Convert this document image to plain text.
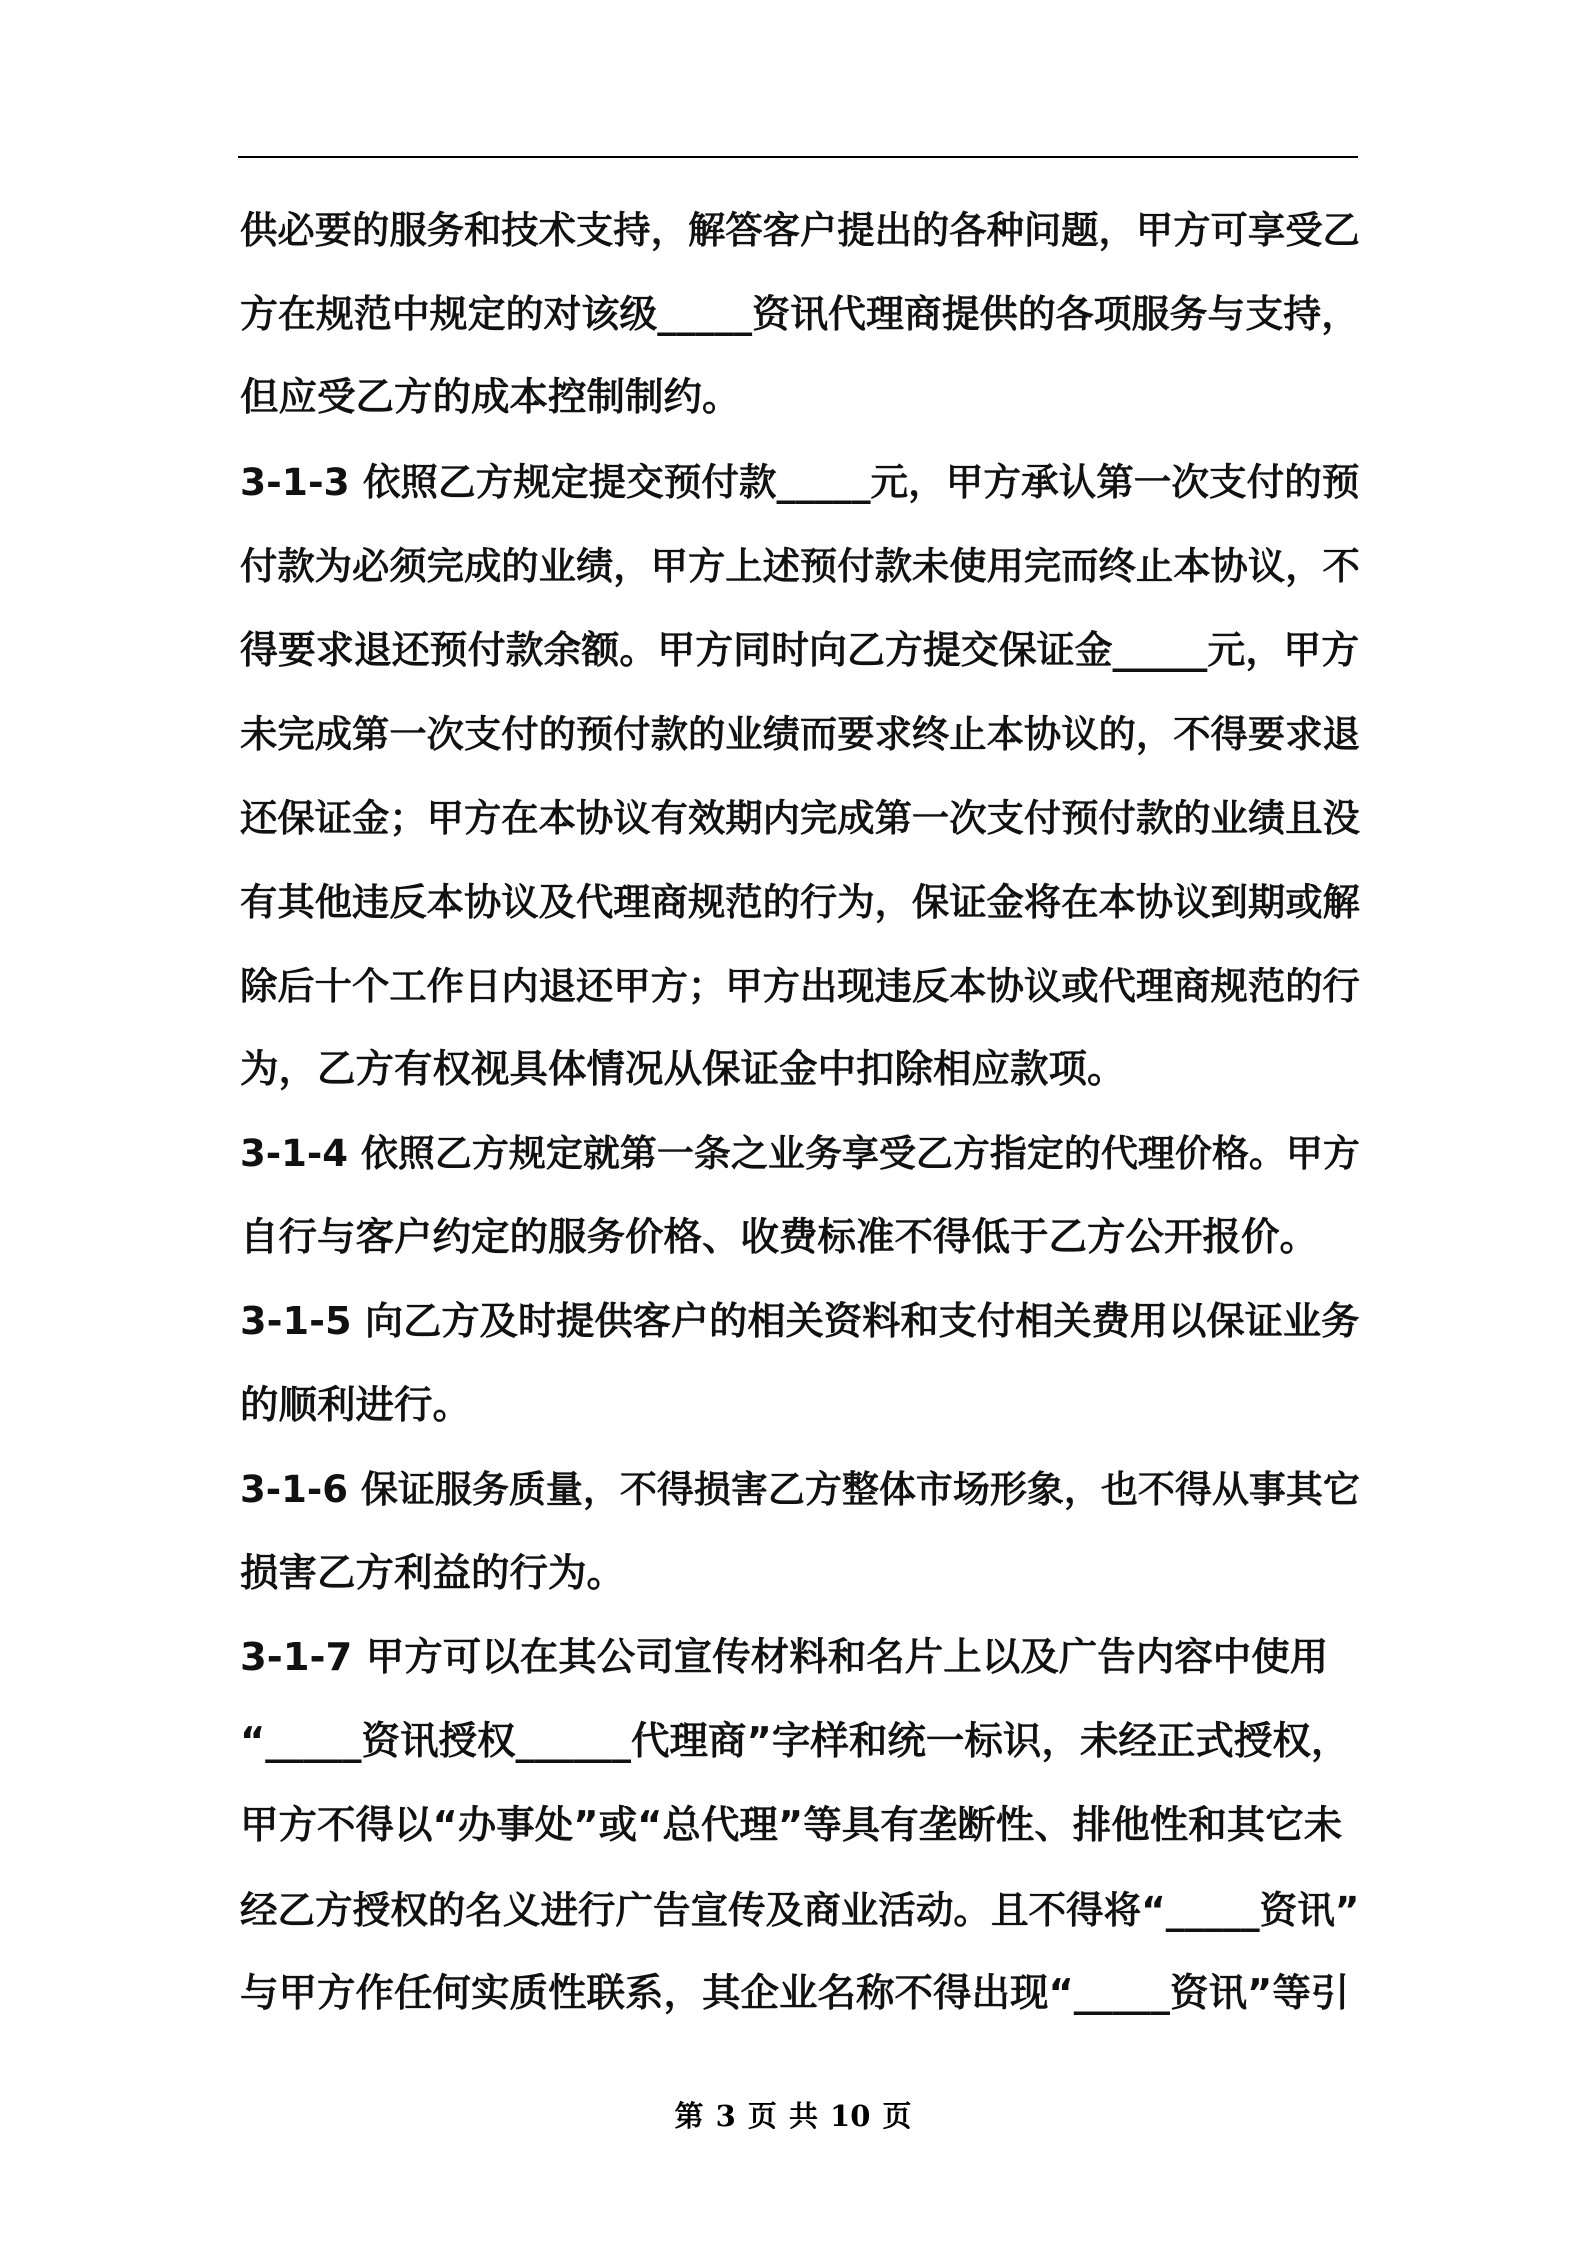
供必要的服务和技术支持，解答客户提出的各种问题，甲方可享受乙
方在规范中规定的对该级_____资讯代理商提供的各项服务与支持，
但应受乙方的成本控制制约。
3-1-3 依照乙方规定提交预付款_____元，甲方承认第一次支付的预
付款为必须完成的业绩，甲方上述预付款未使用完而终止本协议，不
得要求退还预付款余额。甲方同时向乙方提交保证金_____元，甲方
未完成第一次支付的预付款的业绩而要求终止本协议的，不得要求退
还保证金；甲方在本协议有效期内完成第一次支付预付款的业绩且没
有其他违反本协议及代理商规范的行为，保证金将在本协议到期或解
除后十个工作日内退还甲方；甲方出现违反本协议或代理商规范的行
为，乙方有权视具体情况从保证金中扣除相应款项。
3-1-4 依照乙方规定就第一条之业务享受乙方指定的代理价格。甲方
自行与客户约定的服务价格、收费标准不得低于乙方公开报价。
3-1-5 向乙方及时提供客户的相关资料和支付相关费用以保证业务
的顺利进行。
3-1-6 保证服务质量，不得损害乙方整体市场形象，也不得从事其它
损害乙方利益的行为。
3-1-7 甲方可以在其公司宣传材料和名片上以及广告内容中使用
“_____资讯授权______代理商”字样和统一标识，未经正式授权，
甲方不得以“办事处”或“总代理”等具有垄断性、排他性和其它未
经乙方授权的名义进行广告宣传及商业活动。且不得将“_____资讯”
与甲方作任何实质性联系，其企业名称不得出现“_____资讯”等引
第 3 页 共 10 页
